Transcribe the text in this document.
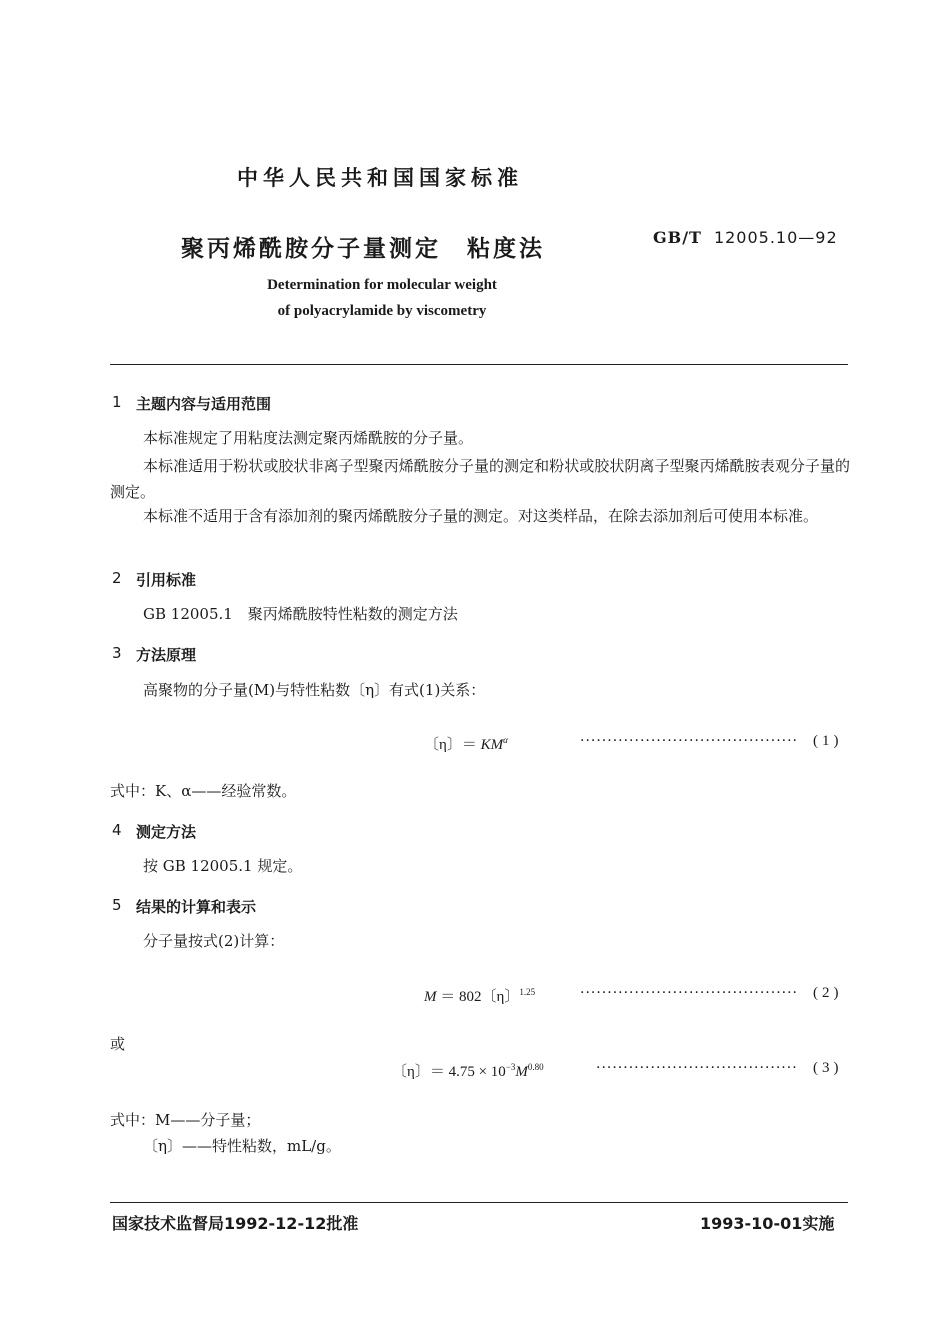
中华人民共和国国家标准
聚丙烯酰胺分子量测定　粘度法	GB/T 12005.10—92
Determination for molecular weight
of polyacrylamide by viscometry
1 主题内容与适用范围
本标准规定了用粘度法测定聚丙烯酰胺的分子量。
本标准适用于粉状或胶状非离子型聚丙烯酰胺分子量的测定和粉状或胶状阴离子型聚丙烯酰胺表观分子量的测定。
本标准不适用于含有添加剂的聚丙烯酰胺分子量的测定。对这类样品，在除去添加剂后可使用本标准。
2 引用标准
GB 12005.1　聚丙烯酰胺特性粘数的测定方法
3 方法原理
高聚物的分子量(M)与特性粘数〔η〕有式(1)关系：
〔η〕＝ $KM^\alpha$	········································ (1)
式中：K、α——经验常数。
4 测定方法
按 GB 12005.1 规定。
5 结果的计算和表示
分子量按式(2)计算：
M ＝ 802〔η〕$^{1.25}$	········································ (2)
或
〔η〕＝ $4.75 \times 10^{-3}M^{0.80}$	····································· (3)
式中：M——分子量；
〔η〕——特性粘数，mL/g。
国家技术监督局1992-12-12批准	1993-10-01实施
